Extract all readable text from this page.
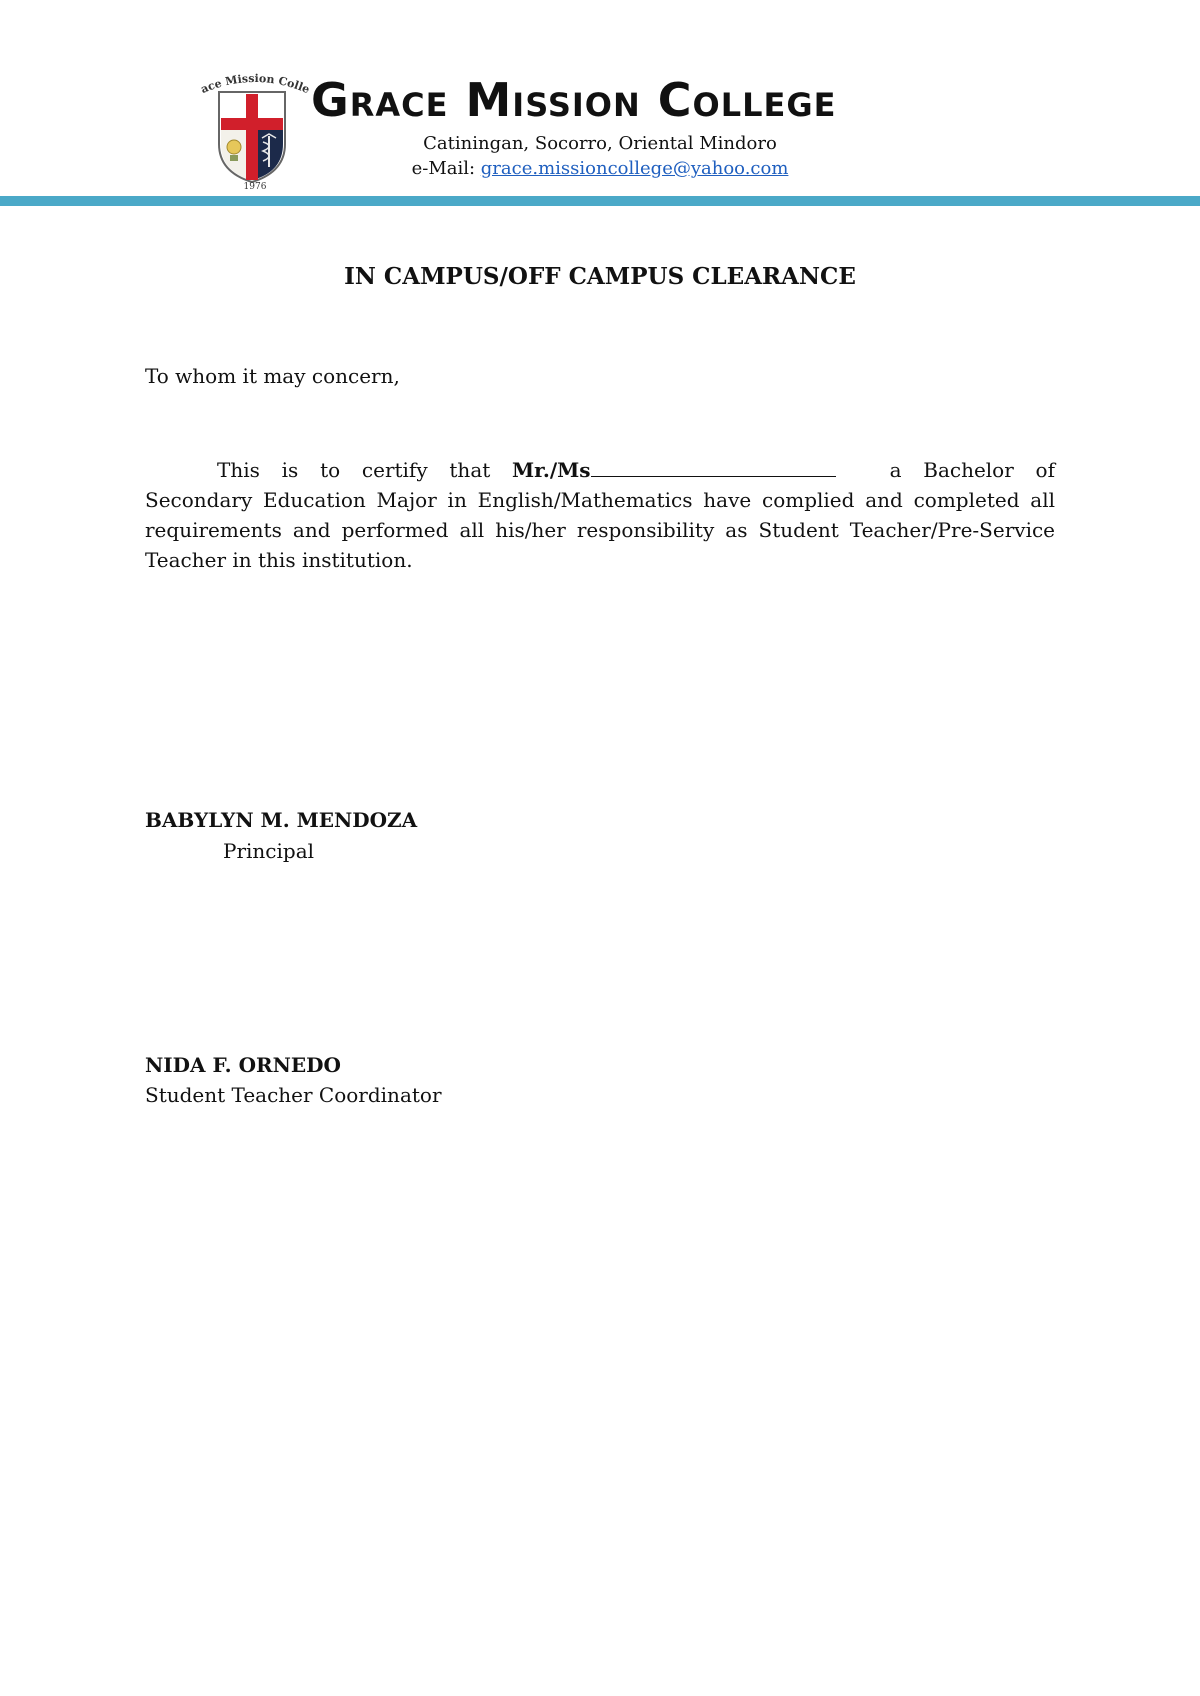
ace Mission Colle
1976
Grace Mission College
Catiningan, Socorro, Oriental Mindoro
e-Mail: grace.missioncollege@yahoo.com
IN CAMPUS/OFF CAMPUS CLEARANCE
To whom it may concern,
This is to certify that Mr./Ms	a Bachelor of Secondary Education Major in English/Mathematics have complied and completed all requirements and performed all his/her responsibility as Student Teacher/Pre-Service Teacher in this institution.
BABYLYN M. MENDOZA
Principal
NIDA F. ORNEDO
Student Teacher Coordinator
